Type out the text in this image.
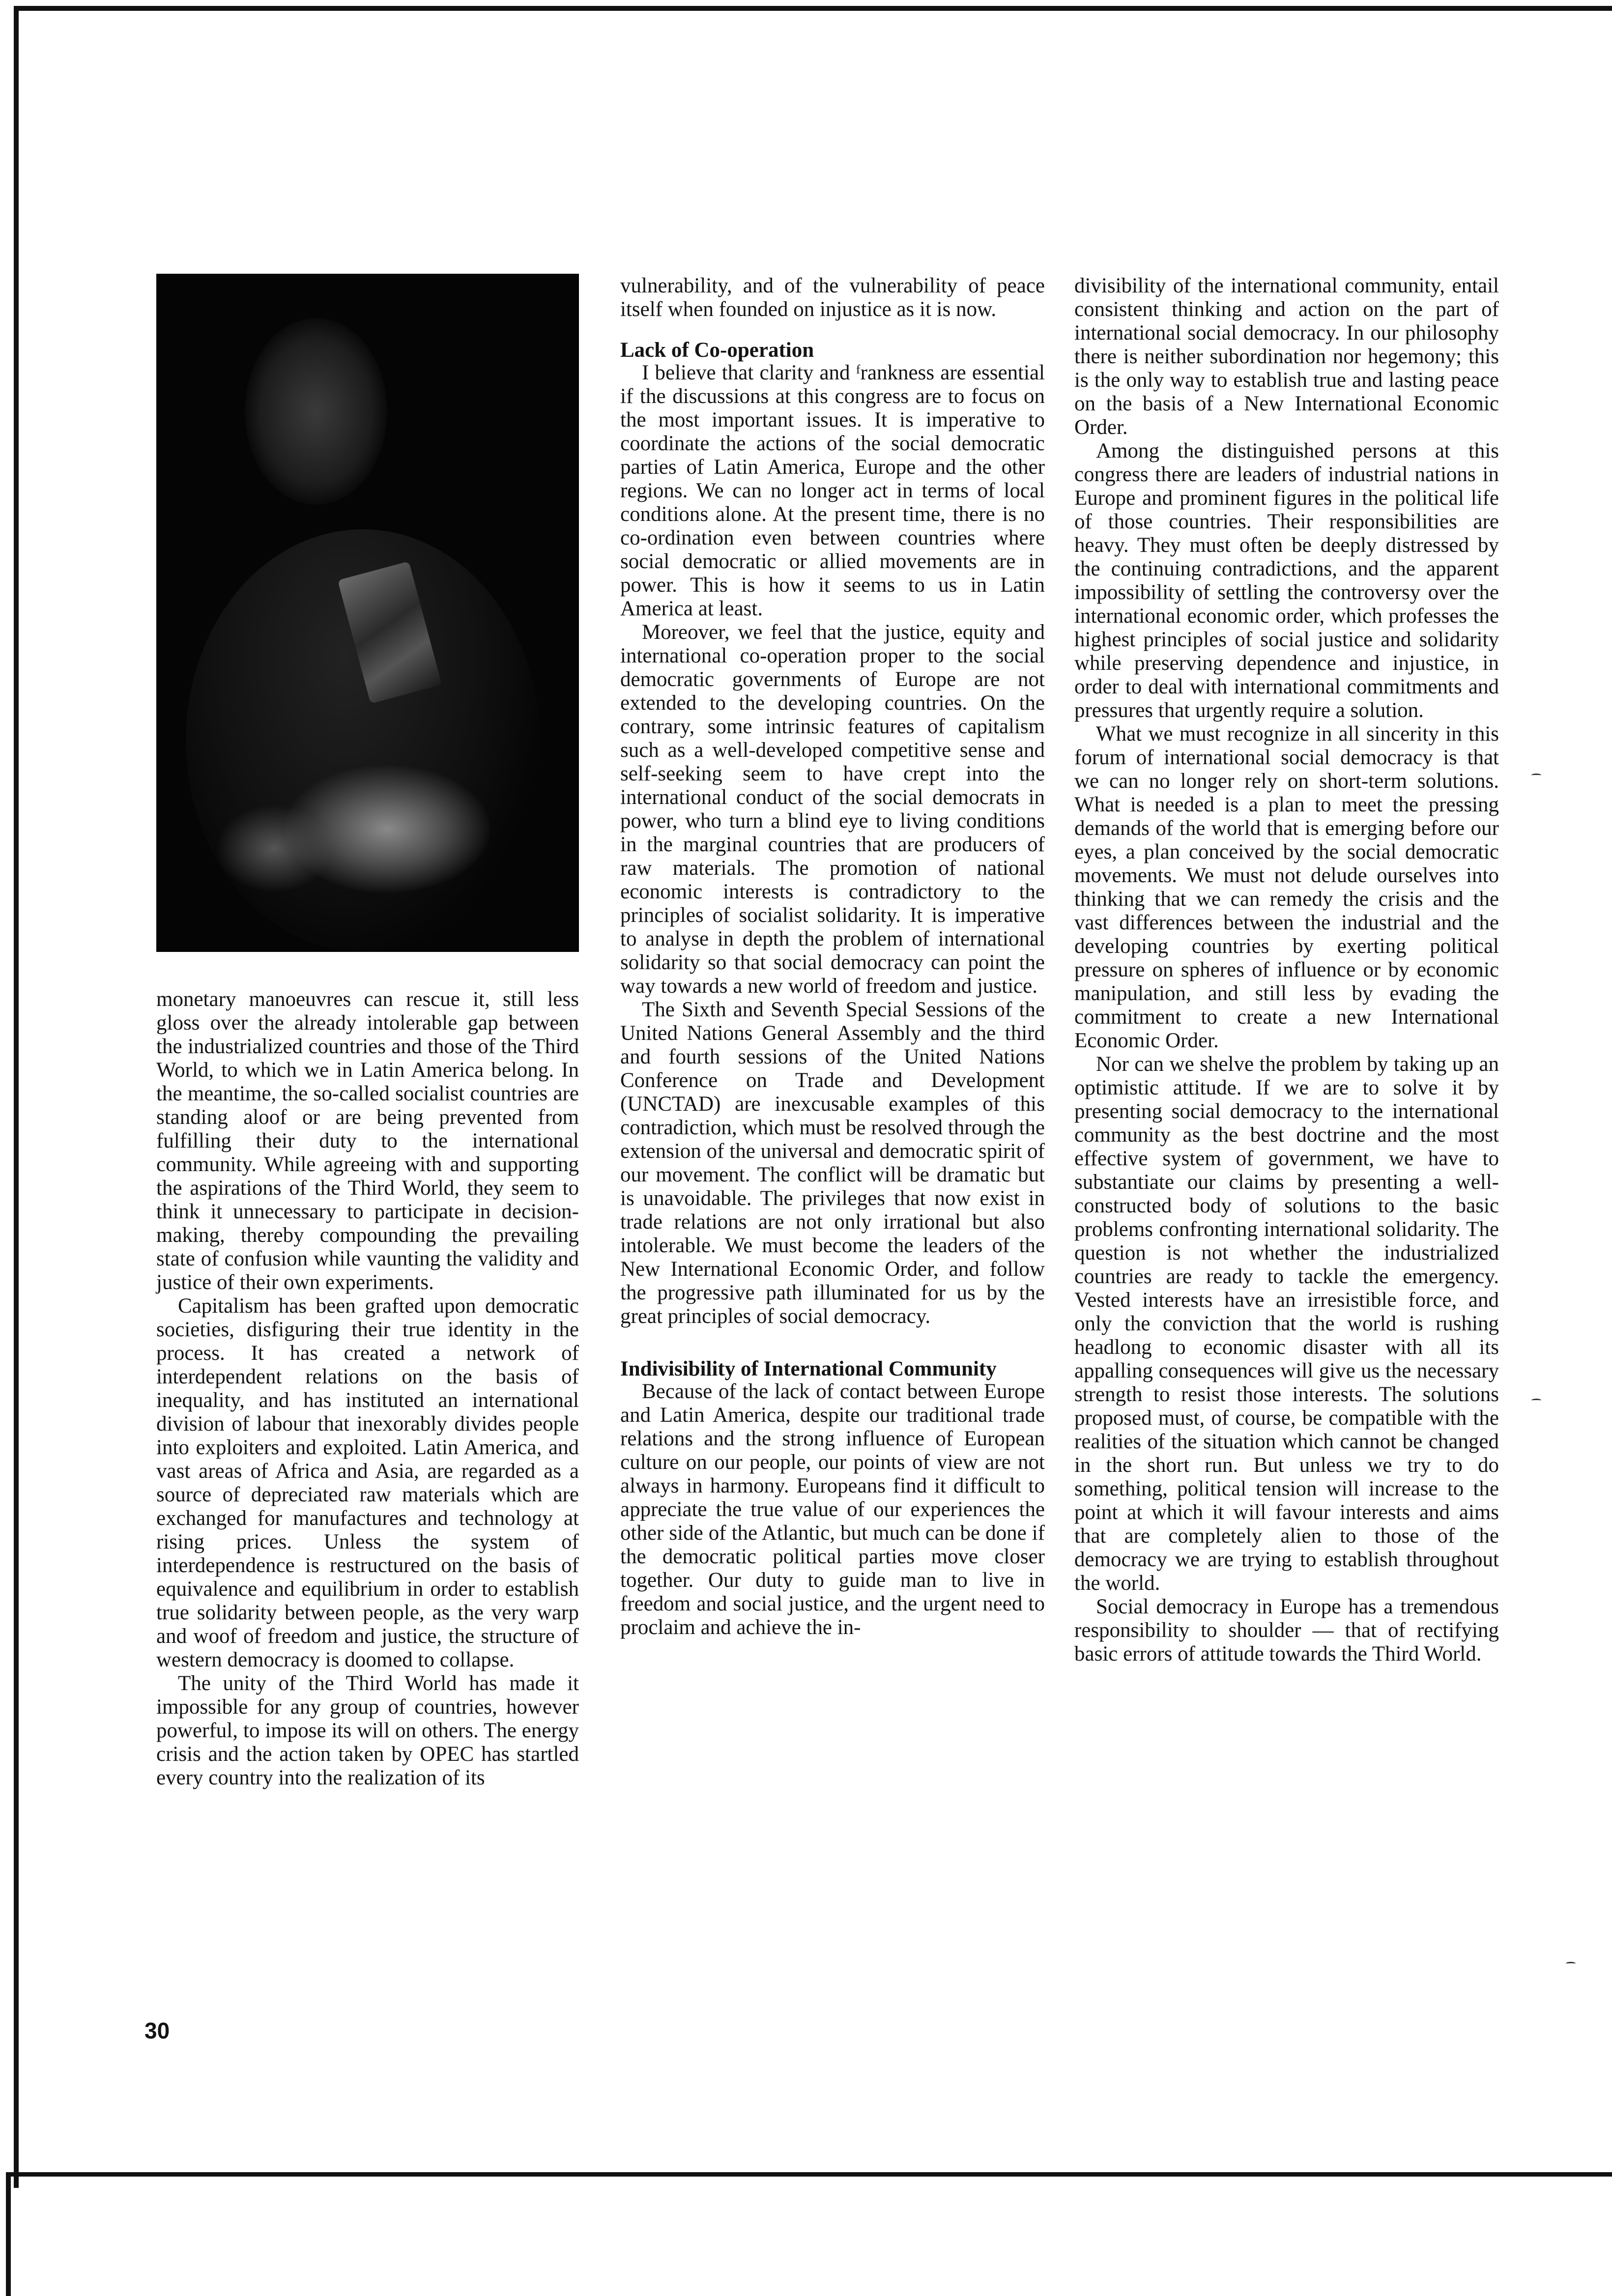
monetary manoeuvres can rescue it, still less gloss over the already intolerable gap between the industrialized countries and those of the Third World, to which we in Latin America belong. In the meantime, the so-called socialist countries are standing aloof or are being prevented from fulfilling their duty to the international community. While agreeing with and supporting the aspirations of the Third World, they seem to think it unnecessary to participate in decision-making, thereby compounding the prevailing state of confusion while vaunting the validity and justice of their own experiments.

Capitalism has been grafted upon democratic societies, disfiguring their true identity in the process. It has created a network of interdependent relations on the basis of inequality, and has instituted an international division of labour that inexorably divides people into exploiters and exploited. Latin America, and vast areas of Africa and Asia, are regarded as a source of depreciated raw materials which are exchanged for manufactures and technology at rising prices. Unless the system of interdependence is restructured on the basis of equivalence and equilibrium in order to establish true solidarity between people, as the very warp and woof of freedom and justice, the structure of western democracy is doomed to collapse.

The unity of the Third World has made it impossible for any group of countries, however powerful, to impose its will on others. The energy crisis and the action taken by OPEC has startled every country into the realization of its

vulnerability, and of the vulnerability of peace itself when founded on injustice as it is now.

Lack of Co-operation

I believe that clarity and ᶠrankness are essential if the discussions at this congress are to focus on the most important issues. It is imperative to coordinate the actions of the social democratic parties of Latin America, Europe and the other regions. We can no longer act in terms of local conditions alone. At the present time, there is no co-ordination even between countries where social democratic or allied movements are in power. This is how it seems to us in Latin America at least.

Moreover, we feel that the justice, equity and international co-operation proper to the social democratic governments of Europe are not extended to the developing countries. On the contrary, some intrinsic features of capitalism such as a well-developed competitive sense and self-seeking seem to have crept into the international conduct of the social democrats in power, who turn a blind eye to living conditions in the marginal countries that are producers of raw materials. The promotion of national economic interests is contradictory to the principles of socialist solidarity. It is imperative to analyse in depth the problem of international solidarity so that social democracy can point the way towards a new world of freedom and justice.

The Sixth and Seventh Special Sessions of the United Nations General Assembly and the third and fourth sessions of the United Nations Conference on Trade and Development (UNCTAD) are inexcusable examples of this contradiction, which must be resolved through the extension of the universal and democratic spirit of our movement. The conflict will be dramatic but is unavoidable. The privileges that now exist in trade relations are not only irrational but also intolerable. We must become the leaders of the New International Economic Order, and follow the progressive path illuminated for us by the great principles of social democracy.

Indivisibility of International Community

Because of the lack of contact between Europe and Latin America, despite our traditional trade relations and the strong influence of European culture on our people, our points of view are not always in harmony. Europeans find it difficult to appreciate the true value of our experiences the other side of the Atlantic, but much can be done if the democratic political parties move closer together. Our duty to guide man to live in freedom and social justice, and the urgent need to proclaim and achieve the in-

divisibility of the international community, entail consistent thinking and action on the part of international social democracy. In our philosophy there is neither subordination nor hegemony; this is the only way to establish true and lasting peace on the basis of a New International Economic Order.

Among the distinguished persons at this congress there are leaders of industrial nations in Europe and prominent figures in the political life of those countries. Their responsibilities are heavy. They must often be deeply distressed by the continuing contradictions, and the apparent impossibility of settling the controversy over the international economic order, which professes the highest principles of social justice and solidarity while preserving dependence and injustice, in order to deal with international commitments and pressures that urgently require a solution.

What we must recognize in all sincerity in this forum of international social democracy is that we can no longer rely on short-term solutions. What is needed is a plan to meet the pressing demands of the world that is emerging before our eyes, a plan conceived by the social democratic movements. We must not delude ourselves into thinking that we can remedy the crisis and the vast differences between the industrial and the developing countries by exerting political pressure on spheres of influence or by economic manipulation, and still less by evading the commitment to create a new International Economic Order.

Nor can we shelve the problem by taking up an optimistic attitude. If we are to solve it by presenting social democracy to the international community as the best doctrine and the most effective system of government, we have to substantiate our claims by presenting a well-constructed body of solutions to the basic problems confronting international solidarity. The question is not whether the industrialized countries are ready to tackle the emergency. Vested interests have an irresistible force, and only the conviction that the world is rushing headlong to economic disaster with all its appalling consequences will give us the necessary strength to resist those interests. The solutions proposed must, of course, be compatible with the realities of the situation which cannot be changed in the short run. But unless we try to do something, political tension will increase to the point at which it will favour interests and aims that are completely alien to those of the democracy we are trying to establish throughout the world.

Social democracy in Europe has a tremendous responsibility to shoulder — that of rectifying basic errors of attitude towards the Third World.

30
